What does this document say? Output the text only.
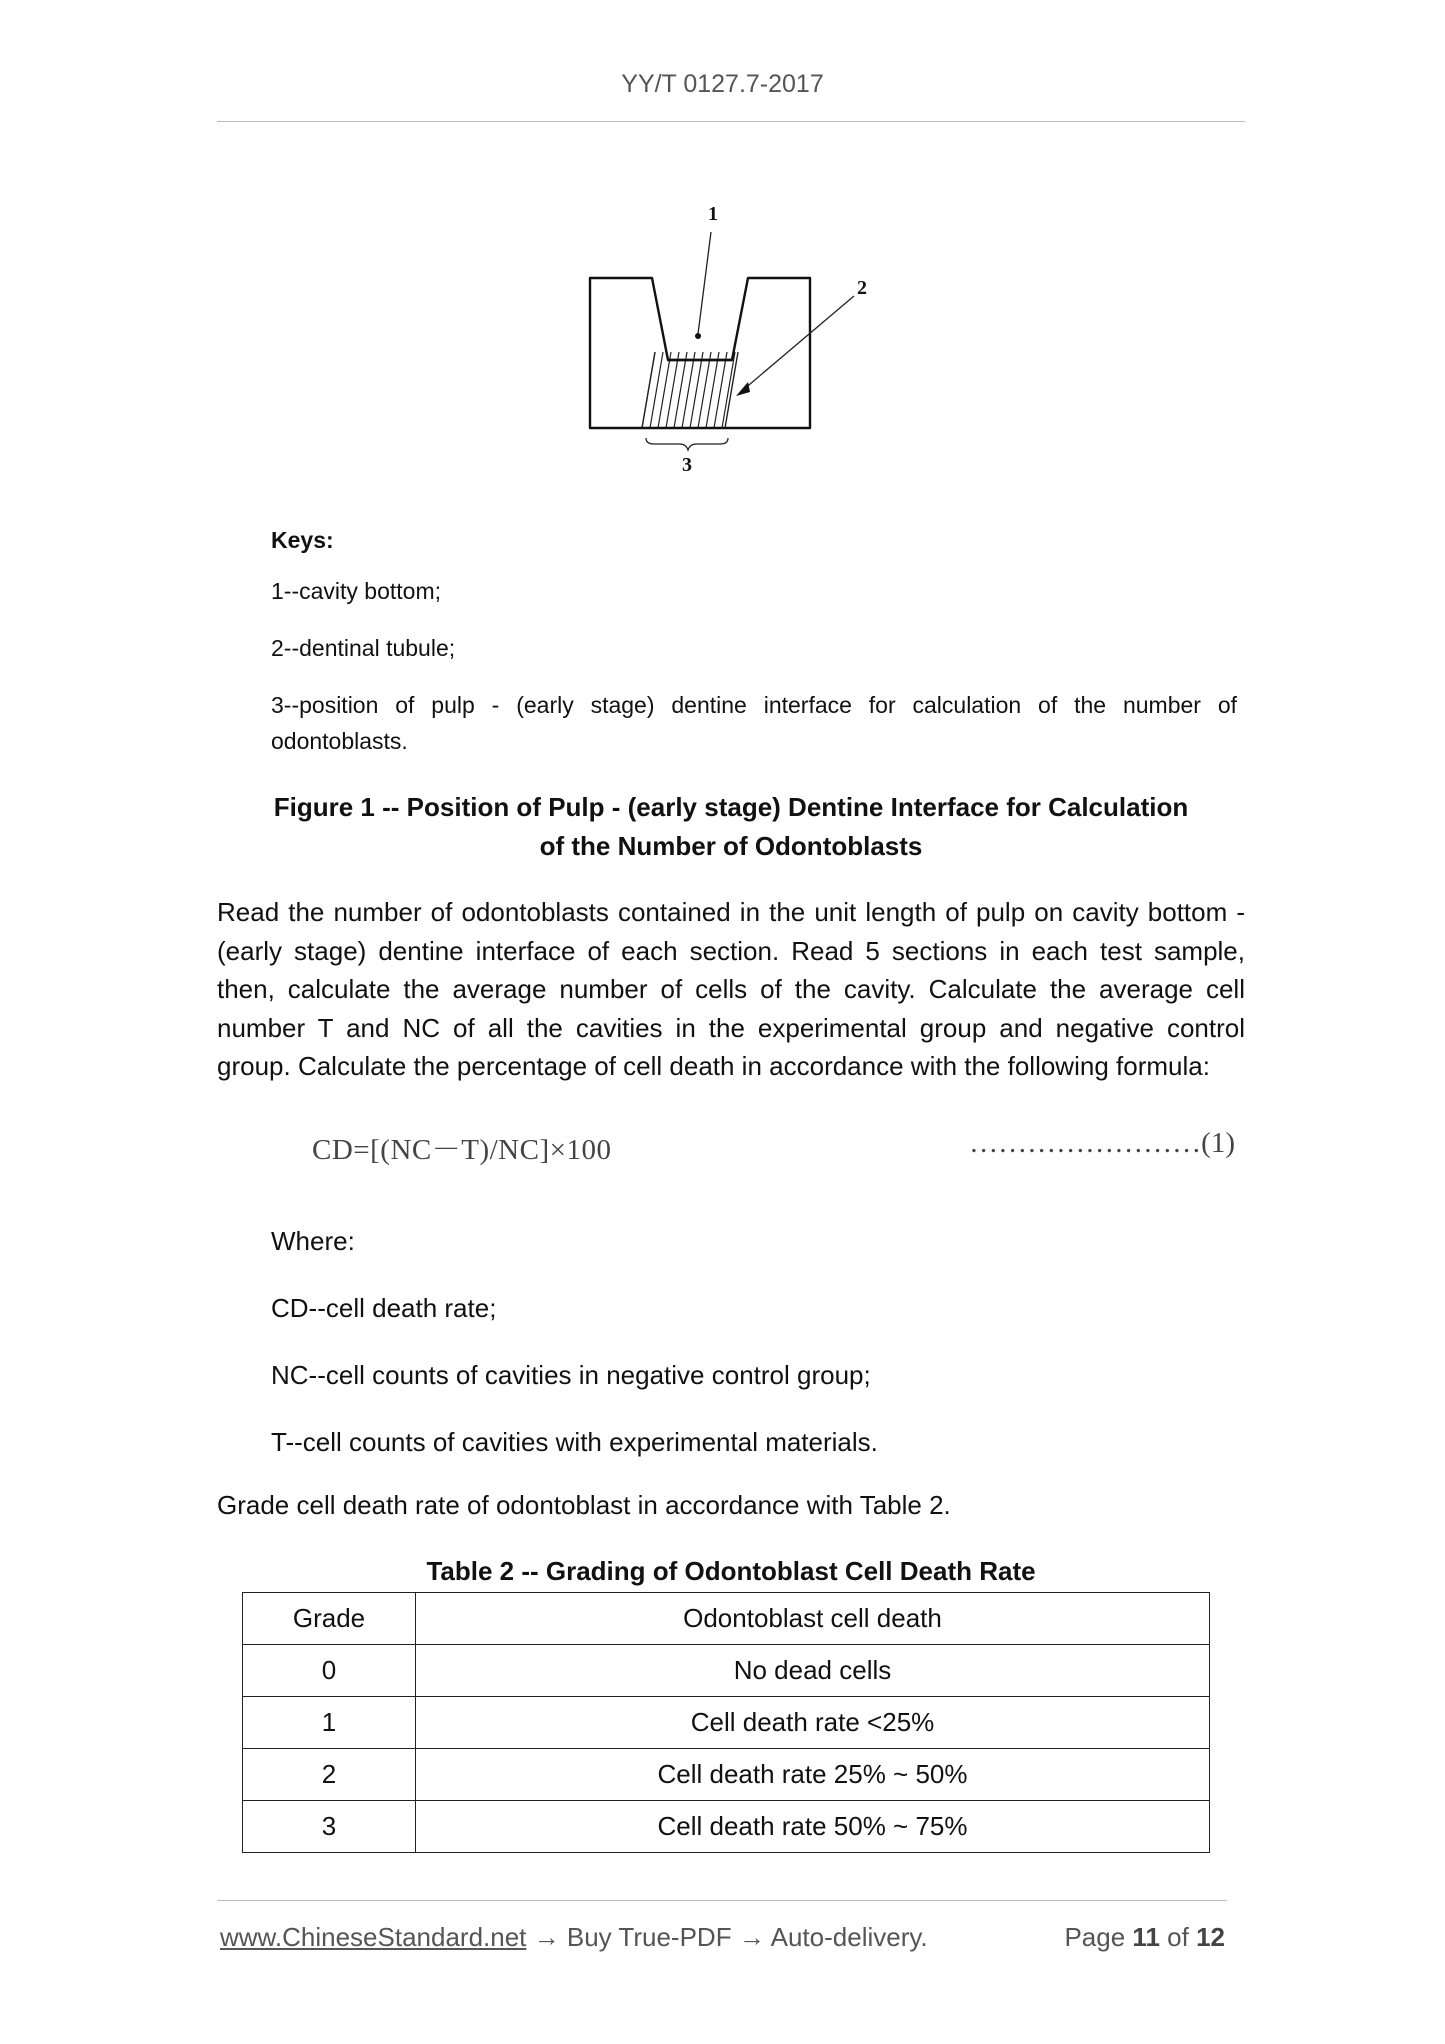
YY/T 0127.7-2017
1
2
3
Keys:

1--cavity bottom;

2--dentinal tubule;

3--position of pulp - (early stage) dentine interface for calculation of the number of odontoblasts.

Figure 1 -- Position of Pulp - (early stage) Dentine Interface for Calculation
of the Number of Odontoblasts
Read the number of odontoblasts contained in the unit length of pulp on cavity bottom - (early stage) dentine interface of each section. Read 5 sections in each test sample, then, calculate the average number of cells of the cavity. Calculate the average cell number T and NC of all the cavities in the experimental group and negative control group. Calculate the percentage of cell death in accordance with the following formula:
CD=[(NC－T)/NC]×100	……………………(1)

Where:

CD--cell death rate;

NC--cell counts of cavities in negative control group;

T--cell counts of cavities with experimental materials.

Grade cell death rate of odontoblast in accordance with Table 2.
Table 2 -- Grading of Odontoblast Cell Death Rate
Grade	Odontoblast cell death
0	No dead cells
1	Cell death rate <25%
2	Cell death rate 25% ~ 50%
3	Cell death rate 50% ~ 75%
www.ChineseStandard.net → Buy True-PDF → Auto-delivery.	Page 11 of 12
